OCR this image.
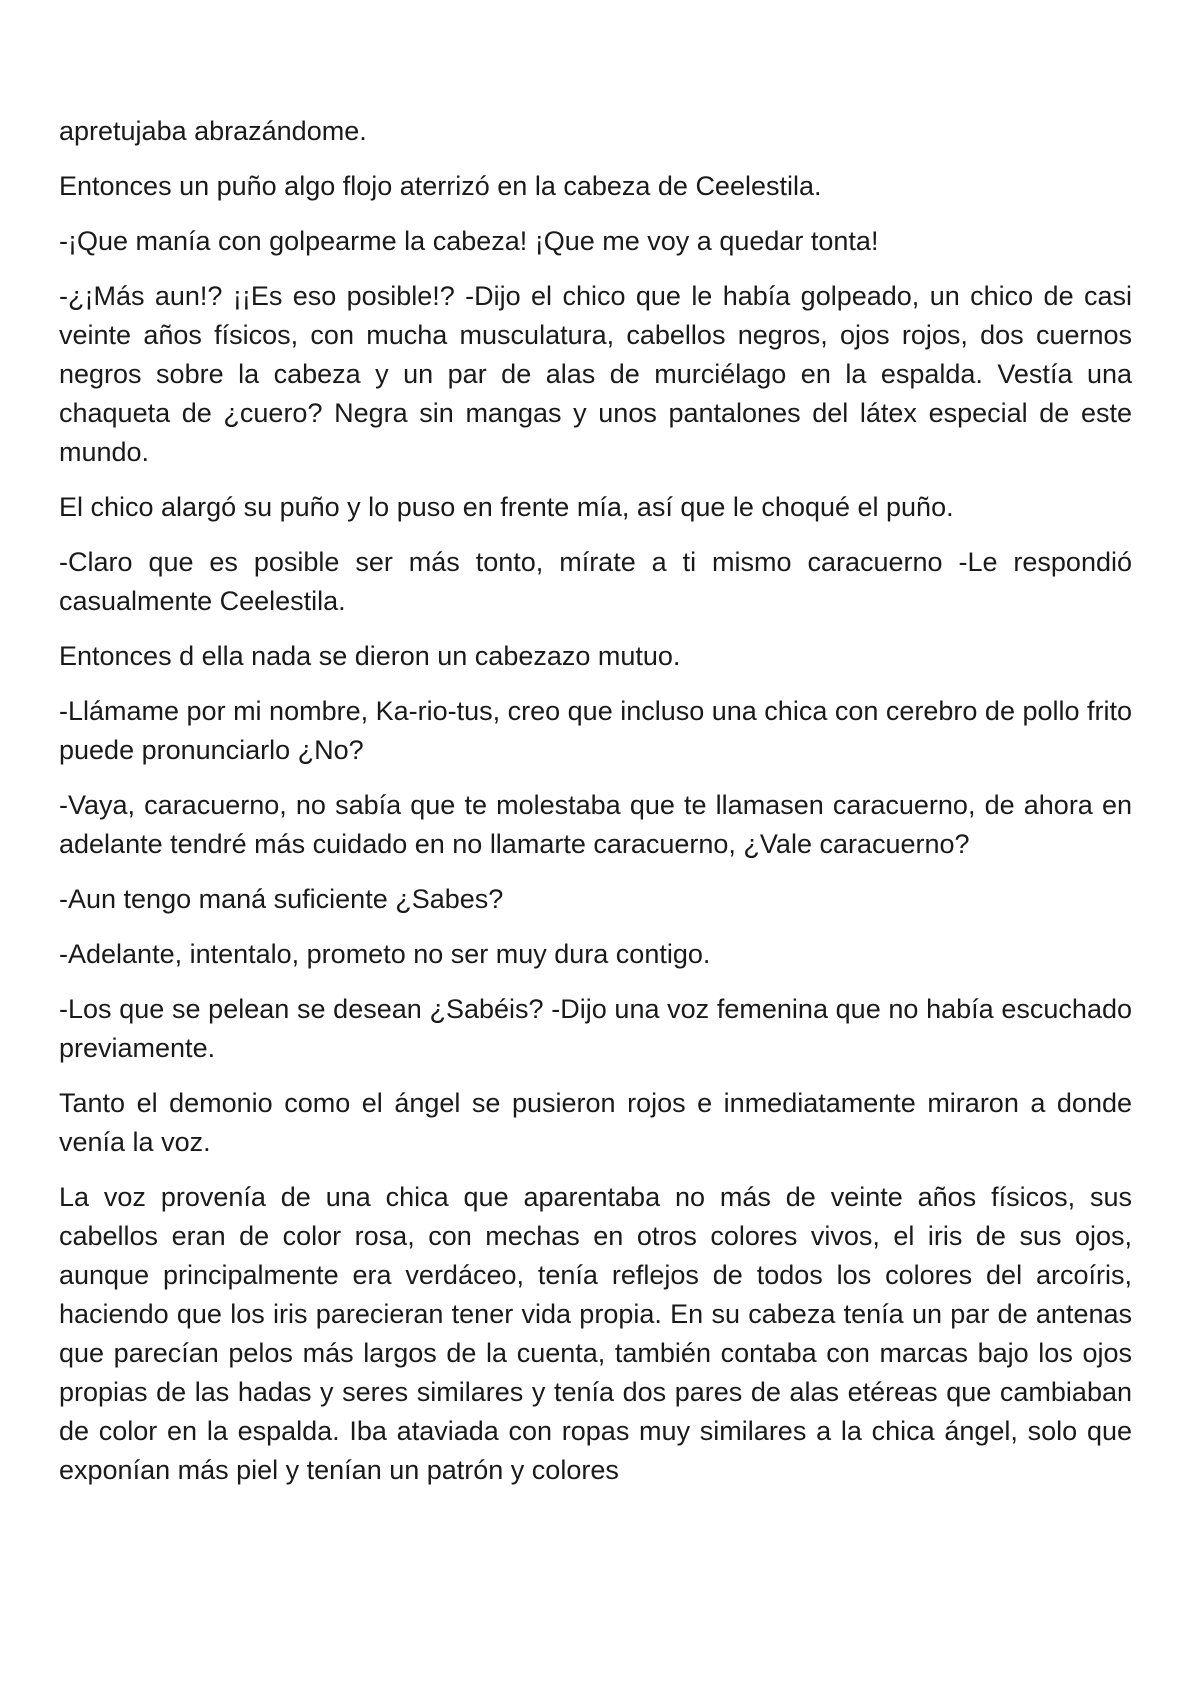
apretujaba abrazándome.

Entonces un puño algo flojo aterrizó en la cabeza de Ceelestila.

-¡Que manía con golpearme la cabeza! ¡Que me voy a quedar tonta!

-¿¡Más aun!? ¡¡Es eso posible!? -Dijo el chico que le había golpeado, un chico de casi veinte años físicos, con mucha musculatura, cabellos negros, ojos rojos, dos cuernos negros sobre la cabeza y un par de alas de murciélago en la espalda. Vestía una chaqueta de ¿cuero? Negra sin mangas y unos pantalones del látex especial de este mundo.

El chico alargó su puño y lo puso en frente mía, así que le choqué el puño.

-Claro que es posible ser más tonto, mírate a ti mismo caracuerno -Le respondió casualmente Ceelestila.

Entonces d ella nada se dieron un cabezazo mutuo.

-Llámame por mi nombre, Ka-rio-tus, creo que incluso una chica con cerebro de pollo frito puede pronunciarlo ¿No?

-Vaya, caracuerno, no sabía que te molestaba que te llamasen caracuerno, de ahora en adelante tendré más cuidado en no llamarte caracuerno, ¿Vale caracuerno?

-Aun tengo maná suficiente ¿Sabes?

-Adelante, intentalo, prometo no ser muy dura contigo.

-Los que se pelean se desean ¿Sabéis? -Dijo una voz femenina que no había escuchado previamente.

Tanto el demonio como el ángel se pusieron rojos e inmediatamente miraron a donde venía la voz.

La voz provenía de una chica que aparentaba no más de veinte años físicos, sus cabellos eran de color rosa, con mechas en otros colores vivos, el iris de sus ojos, aunque principalmente era verdáceo, tenía reflejos de todos los colores del arcoíris, haciendo que los iris parecieran tener vida propia. En su cabeza tenía un par de antenas que parecían pelos más largos de la cuenta, también contaba con marcas bajo los ojos propias de las hadas y seres similares y tenía dos pares de alas etéreas que cambiaban de color en la espalda. Iba ataviada con ropas muy similares a la chica ángel, solo que exponían más piel y tenían un patrón y colores
